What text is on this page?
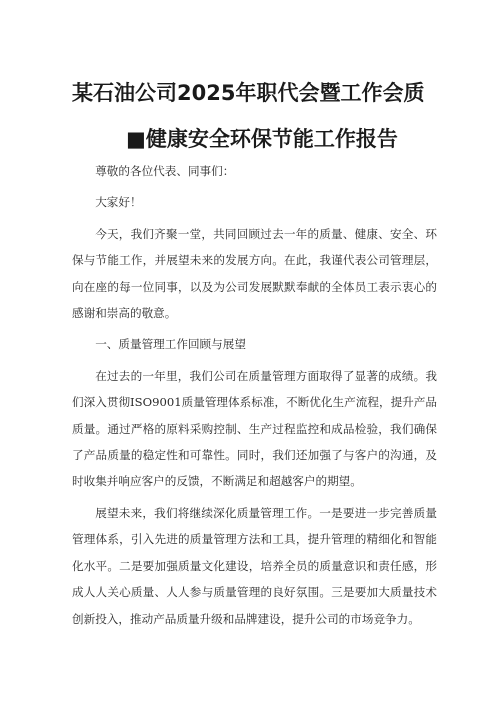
某石油公司2025年职代会暨工作会质
■健康安全环保节能工作报告

尊敬的各位代表、同事们：

大家好！

今天，我们齐聚一堂，共同回顾过去一年的质量、健康、安全、环保与节能工作，并展望未来的发展方向。在此，我谨代表公司管理层，向在座的每一位同事，以及为公司发展默默奉献的全体员工表示衷心的感谢和崇高的敬意。

一、质量管理工作回顾与展望

在过去的一年里，我们公司在质量管理方面取得了显著的成绩。我们深入贯彻ISO9001质量管理体系标准，不断优化生产流程，提升产品质量。通过严格的原料采购控制、生产过程监控和成品检验，我们确保了产品质量的稳定性和可靠性。同时，我们还加强了与客户的沟通，及时收集并响应客户的反馈，不断满足和超越客户的期望。

展望未来，我们将继续深化质量管理工作。一是要进一步完善质量管理体系，引入先进的质量管理方法和工具，提升管理的精细化和智能化水平。二是要加强质量文化建设，培养全员的质量意识和责任感，形成人人关心质量、人人参与质量管理的良好氛围。三是要加大质量技术创新投入，推动产品质量升级和品牌建设，提升公司的市场竞争力。
